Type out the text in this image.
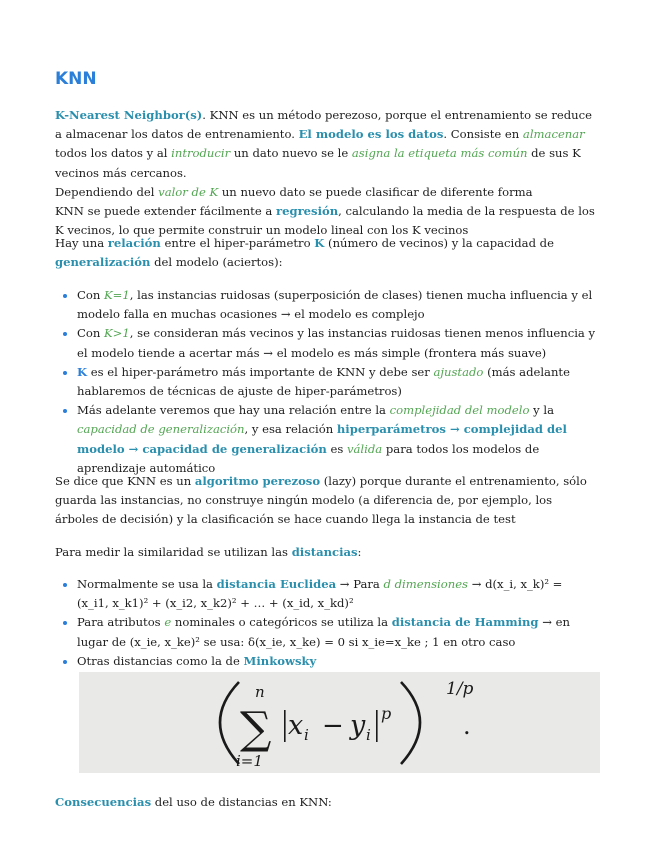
KNN

K-Nearest Neighbor(s). KNN es un método perezoso, porque el entrenamiento se reduce a almacenar los datos de entrenamiento. El modelo es los datos. Consiste en almacenar todos los datos y al introducir un dato nuevo se le asigna la etiqueta más común de sus K vecinos más cercanos.

Dependiendo del valor de K un nuevo dato se puede clasificar de diferente forma

KNN se puede extender fácilmente a regresión, calculando la media de la respuesta de los K vecinos, lo que permite construir un modelo lineal con los K vecinos

Hay una relación entre el hiper-parámetro K (número de vecinos) y la capacidad de generalización del modelo (aciertos):

• Con K=1, las instancias ruidosas (superposición de clases) tienen mucha influencia y el modelo falla en muchas ocasiones → el modelo es complejo
• Con K>1, se consideran más vecinos y las instancias ruidosas tienen menos influencia y el modelo tiende a acertar más → el modelo es más simple (frontera más suave)
• K es el hiper-parámetro más importante de KNN y debe ser ajustado (más adelante hablaremos de técnicas de ajuste de hiper-parámetros)
• Más adelante veremos que hay una relación entre la complejidad del modelo y la capacidad de generalización, y esa relación hiperparámetros → complejidad del modelo → capacidad de generalización es válida para todos los modelos de aprendizaje automático

Se dice que KNN es un algoritmo perezoso (lazy) porque durante el entrenamiento, sólo guarda las instancias, no construye ningún modelo (a diferencia de, por ejemplo, los árboles de decisión) y la clasificación se hace cuando llega la instancia de test

Para medir la similaridad se utilizan las distancias:

• Normalmente se usa la distancia Euclidea → Para d dimensiones → d(x_i, x_k)² = (x_i1, x_k1)² + (x_i2, x_k2)² + … + (x_id, x_kd)²
• Para atributos e nominales o categóricos se utiliza la distancia de Hamming → en lugar de (x_ie, x_ke)² se usa: δ(x_ie, x_ke) = 0 si x_ie=x_ke ; 1 en otro caso
• Otras distancias como la de Minkowsky
n
∑
i=1
x i − y i
p
1/p
.

Consecuencias del uso de distancias en KNN:
